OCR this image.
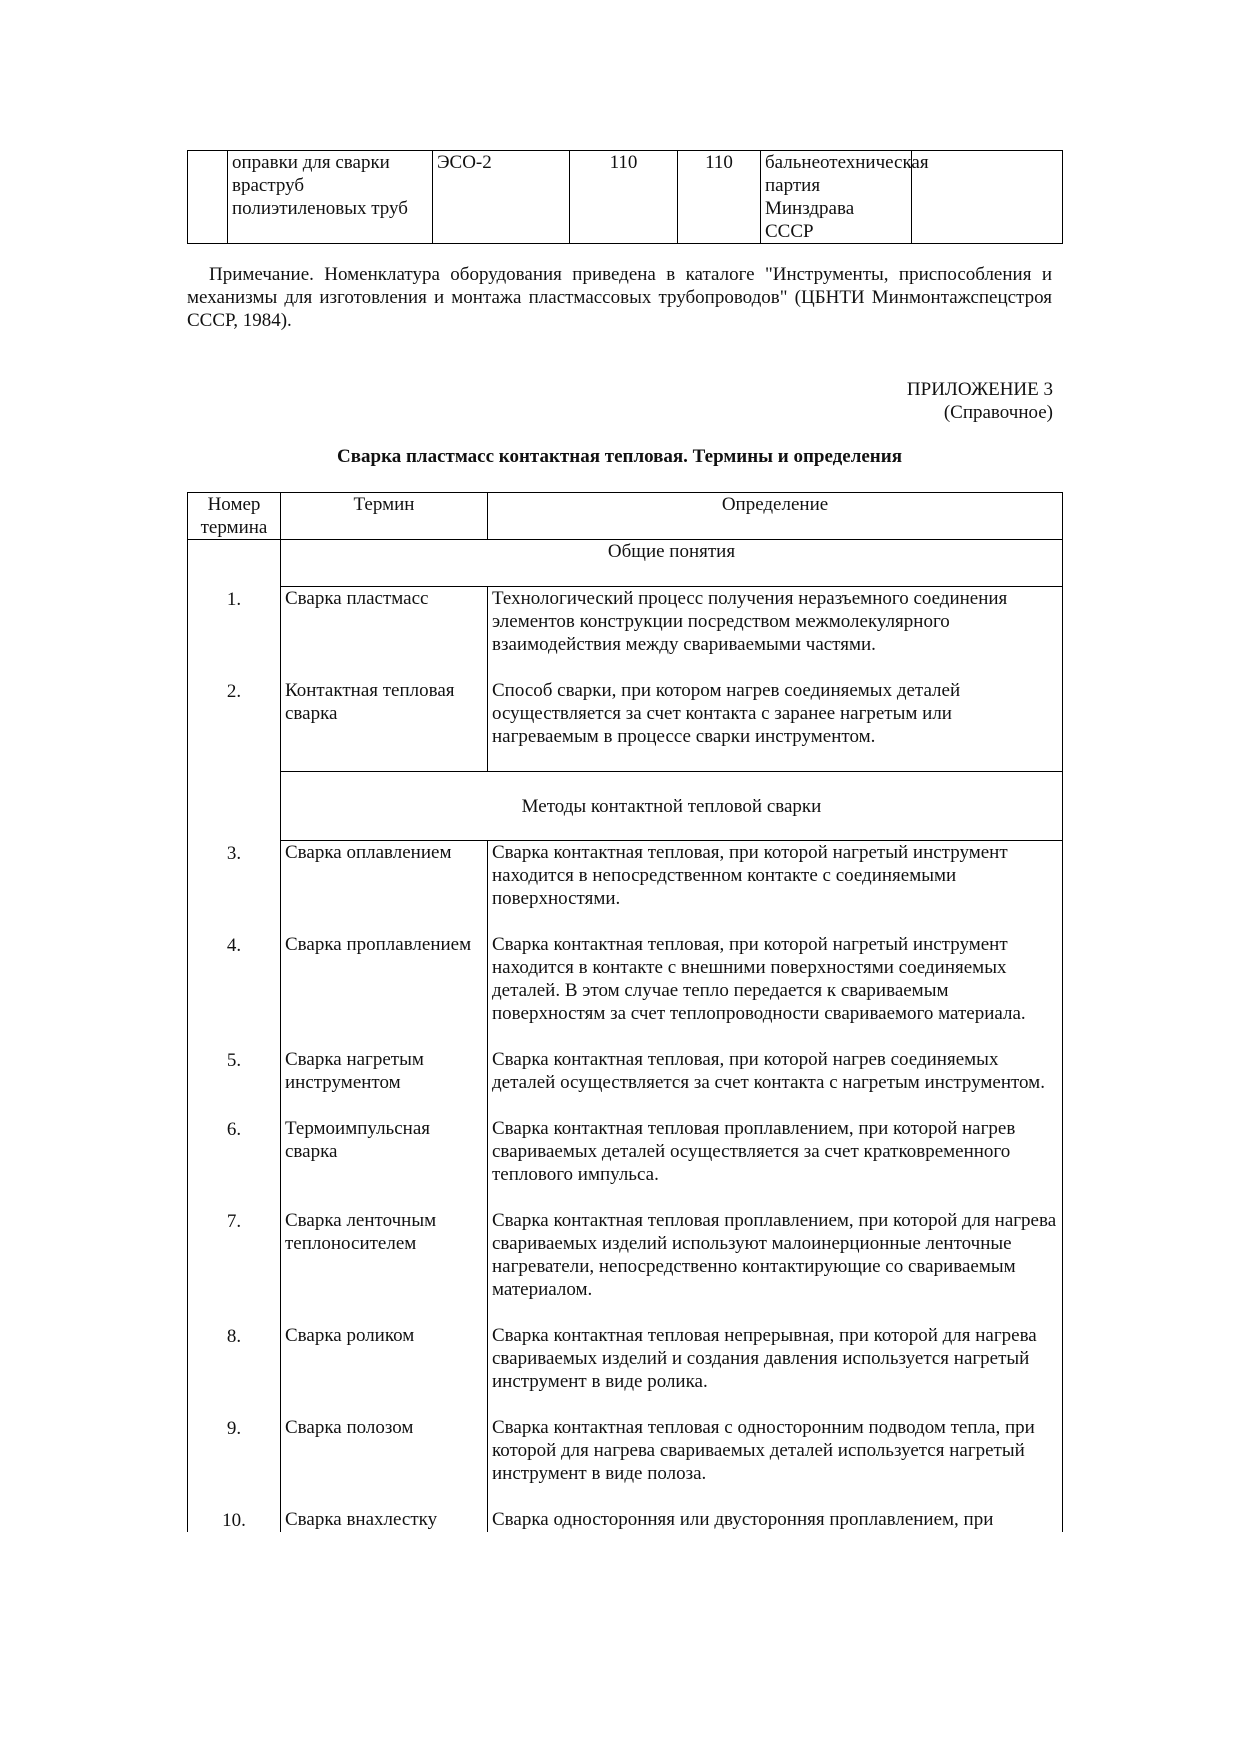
	оправки для сварки враструб полиэтиленовых труб	ЭСО-2	110	110	бальнеотехническая партия Минздрава СССР	
Примечание. Номенклатура оборудования приведена в каталоге "Инструменты, приспособления и механизмы для изготовления и монтажа пластмассовых трубопроводов" (ЦБНТИ Минмонтажспецстроя СССР, 1984).
ПРИЛОЖЕНИЕ 3
(Справочное)
Сварка пластмасс контактная тепловая. Термины и определения
Номер термина	Термин	Определение
	Общие понятия	
1.	Сварка пластмасс	Технологический процесс получения неразъемного соединения элементов конструкции посредством межмолекулярного взаимодействия между свариваемыми частями.
2.	Контактная тепловая сварка	Способ сварки, при котором нагрев соединяемых деталей осуществляется за счет контакта с заранее нагретым или нагреваемым в процессе сварки инструментом.
	Методы контактной тепловой сварки	
3.	Сварка оплавлением	Сварка контактная тепловая, при которой нагретый инструмент находится в непосредственном контакте с соединяемыми поверхностями.
4.	Сварка проплавлением	Сварка контактная тепловая, при которой нагретый инструмент находится в контакте с внешними поверхностями соединяемых деталей. В этом случае тепло передается к свариваемым поверхностям за счет теплопроводности свариваемого материала.
5.	Сварка нагретым инструментом	Сварка контактная тепловая, при которой нагрев соединяемых деталей осуществляется за счет контакта с нагретым инструментом.
6.	Термоимпульсная сварка	Сварка контактная тепловая проплавлением, при которой нагрев свариваемых деталей осуществляется за счет кратковременного теплового импульса.
7.	Сварка ленточным теплоносителем	Сварка контактная тепловая проплавлением, при которой для нагрева свариваемых изделий используют малоинерционные ленточные нагреватели, непосредственно контактирующие со свариваемым материалом.
8.	Сварка роликом	Сварка контактная тепловая непрерывная, при которой для нагрева свариваемых изделий и создания давления используется нагретый инструмент в виде ролика.
9.	Сварка полозом	Сварка контактная тепловая с односторонним подводом тепла, при которой для нагрева свариваемых деталей используется нагретый инструмент в виде полоза.
10.	Сварка внахлестку	Сварка односторонняя или двусторонняя проплавлением, при
